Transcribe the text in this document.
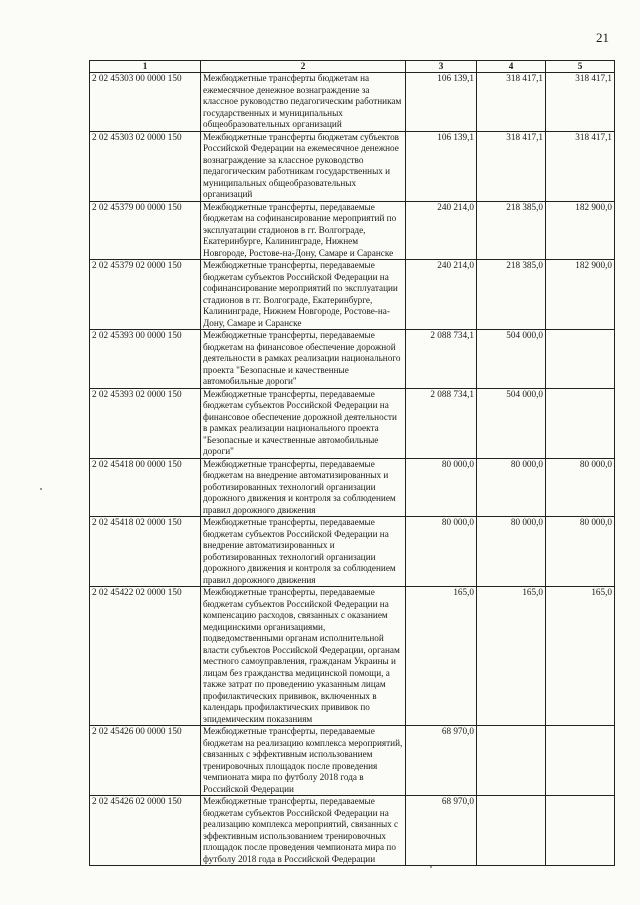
21
1	2	3	4	5
2 02 45303 00 0000 150	Межбюджетные трансферты бюджетам на ежемесячное денежное вознаграждение за классное руководство педагогическим работникам государственных и муниципальных общеобразовательных организаций	106 139,1	318 417,1	318 417,1
2 02 45303 02 0000 150	Межбюджетные трансферты бюджетам субъектов Российской Федерации на ежемесячное денежное вознаграждение за классное руководство педагогическим работникам государственных и муниципальных общеобразовательных организаций	106 139,1	318 417,1	318 417,1
2 02 45379 00 0000 150	Межбюджетные трансферты, передаваемые бюджетам на софинансирование мероприятий по эксплуатации стадионов в гг. Волгограде, Екатеринбурге, Калининграде, Нижнем Новгороде, Ростове-на-Дону, Самаре и Саранске	240 214,0	218 385,0	182 900,0
2 02 45379 02 0000 150	Межбюджетные трансферты, передаваемые бюджетам субъектов Российской Федерации на софинансирование мероприятий по эксплуатации стадионов в гг. Волгограде, Екатеринбурге, Калининграде, Нижнем Новгороде, Ростове-на-Дону, Самаре и Саранске	240 214,0	218 385,0	182 900,0
2 02 45393 00 0000 150	Межбюджетные трансферты, передаваемые бюджетам на финансовое обеспечение дорожной деятельности в рамках реализации национального проекта "Безопасные и качественные автомобильные дороги"	2 088 734,1	504 000,0	
2 02 45393 02 0000 150	Межбюджетные трансферты, передаваемые бюджетам субъектов Российской Федерации на финансовое обеспечение дорожной деятельности в рамках реализации национального проекта "Безопасные и качественные автомобильные дороги"	2 088 734,1	504 000,0	
2 02 45418 00 0000 150	Межбюджетные трансферты, передаваемые бюджетам на внедрение автоматизированных и роботизированных технологий организации дорожного движения и контроля за соблюдением правил дорожного движения	80 000,0	80 000,0	80 000,0
2 02 45418 02 0000 150	Межбюджетные трансферты, передаваемые бюджетам субъектов Российской Федерации на внедрение автоматизированных и роботизированных технологий организации дорожного движения и контроля за соблюдением правил дорожного движения	80 000,0	80 000,0	80 000,0
2 02 45422 02 0000 150	Межбюджетные трансферты, передаваемые бюджетам субъектов Российской Федерации на компенсацию расходов, связанных с оказанием медицинскими организациями, подведомственными органам исполнительной власти субъектов Российской Федерации, органам местного самоуправления, гражданам Украины и лицам без гражданства медицинской помощи, а также затрат по проведению указанным лицам профилактических прививок, включенных в календарь профилактических прививок по эпидемическим показаниям	165,0	165,0	165,0
2 02 45426 00 0000 150	Межбюджетные трансферты, передаваемые бюджетам на реализацию комплекса мероприятий, связанных с эффективным использованием тренировочных площадок после проведения чемпионата мира по футболу 2018 года в Российской Федерации	68 970,0		
2 02 45426 02 0000 150	Межбюджетные трансферты, передаваемые бюджетам субъектов Российской Федерации на реализацию комплекса мероприятий, связанных с эффективным использованием тренировочных площадок после проведения чемпионата мира по футболу 2018 года в Российской Федерации	68 970,0		
